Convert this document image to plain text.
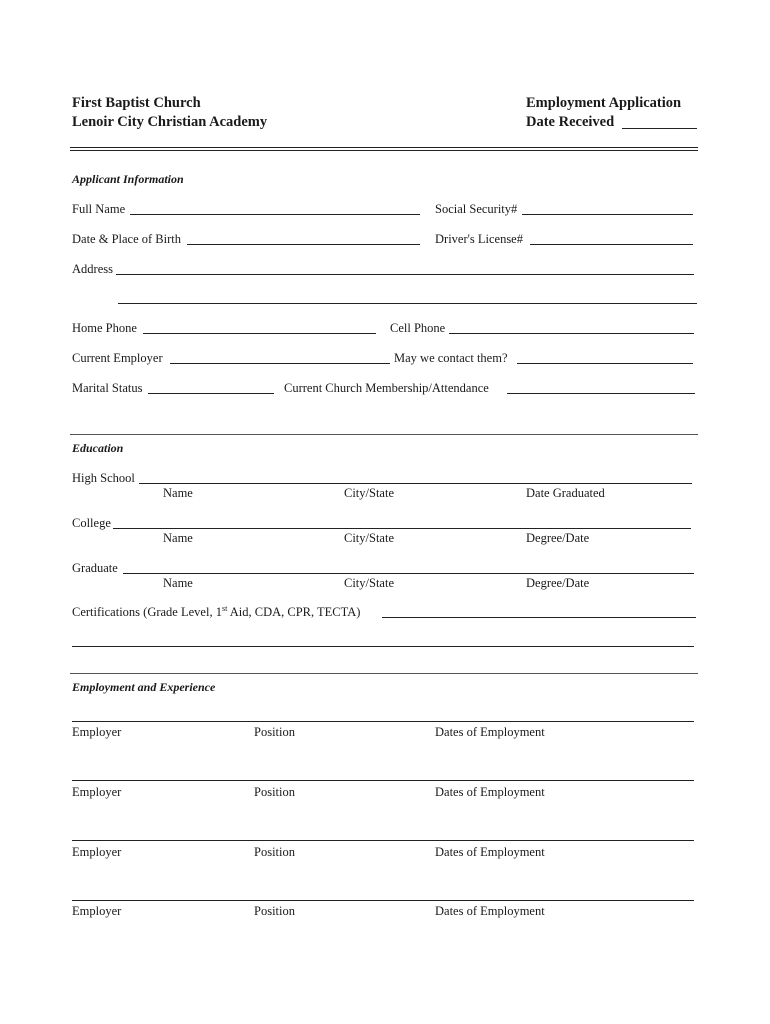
First Baptist Church
Lenoir City Christian Academy
Employment Application
Date Received
Applicant Information
Full Name	Social Security#
Date & Place of Birth	Driver's License#
Address
Home Phone	Cell Phone
Current Employer	May we contact them?
Marital Status	Current Church Membership/Attendance
Education
High School
Name	City/State	Date Graduated
College
Name	City/State	Degree/Date
Graduate
Name	City/State	Degree/Date
Certifications (Grade Level, 1st Aid, CDA, CPR, TECTA)
Employment and Experience
Employer	Position	Dates of Employment
Employer	Position	Dates of Employment
Employer	Position	Dates of Employment
Employer	Position	Dates of Employment
